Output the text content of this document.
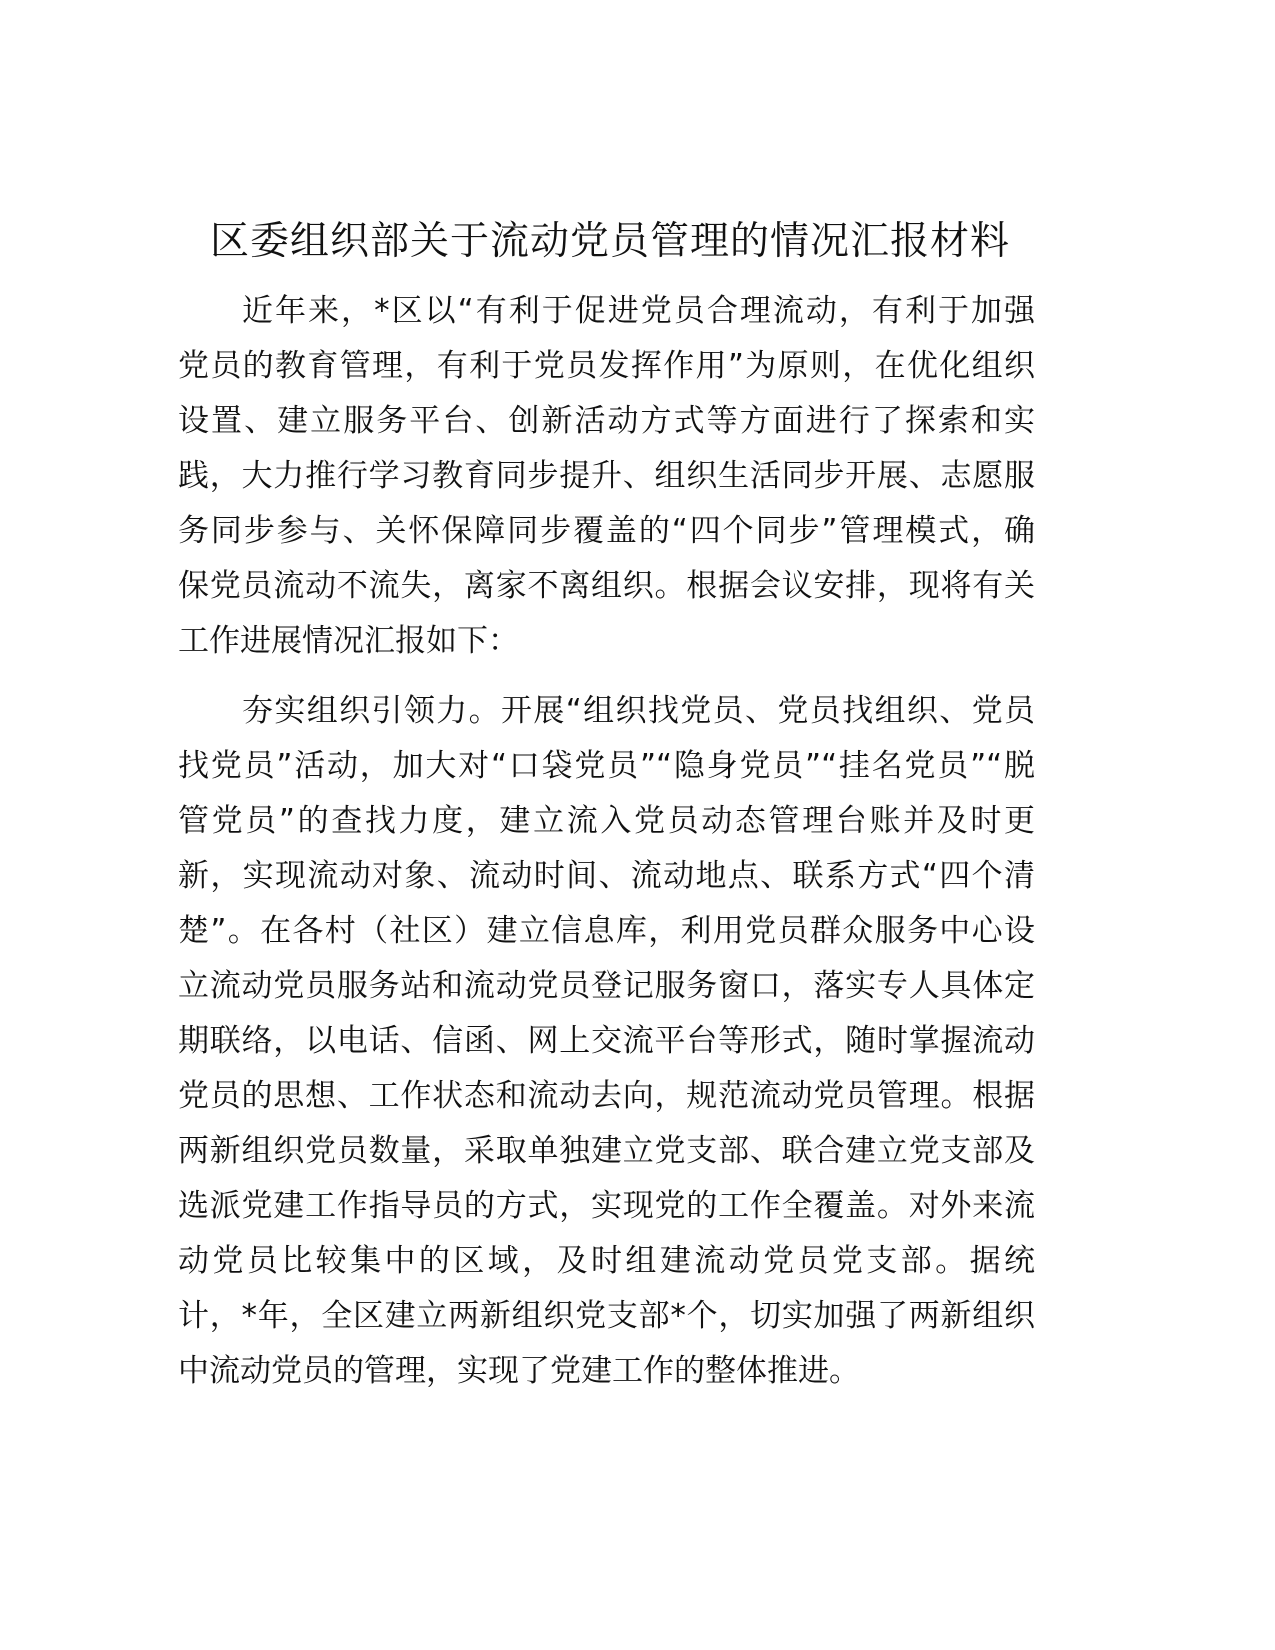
区委组织部关于流动党员管理的情况汇报材料
近年来，*区以“有利于促进党员合理流动，有利于加强
党员的教育管理，有利于党员发挥作用”为原则，在优化组织
设置、建立服务平台、创新活动方式等方面进行了探索和实
践，大力推行学习教育同步提升、组织生活同步开展、志愿服
务同步参与、关怀保障同步覆盖的“四个同步”管理模式，确
保党员流动不流失，离家不离组织。根据会议安排，现将有关
工作进展情况汇报如下：
夯实组织引领力。开展“组织找党员、党员找组织、党员
找党员”活动，加大对“口袋党员”“隐身党员”“挂名党员”“脱
管党员”的查找力度，建立流入党员动态管理台账并及时更
新，实现流动对象、流动时间、流动地点、联系方式“四个清
楚”。在各村（社区）建立信息库，利用党员群众服务中心设
立流动党员服务站和流动党员登记服务窗口，落实专人具体定
期联络，以电话、信函、网上交流平台等形式，随时掌握流动
党员的思想、工作状态和流动去向，规范流动党员管理。根据
两新组织党员数量，采取单独建立党支部、联合建立党支部及
选派党建工作指导员的方式，实现党的工作全覆盖。对外来流
动党员比较集中的区域，及时组建流动党员党支部。据统
计，*年，全区建立两新组织党支部*个，切实加强了两新组织
中流动党员的管理，实现了党建工作的整体推进。
